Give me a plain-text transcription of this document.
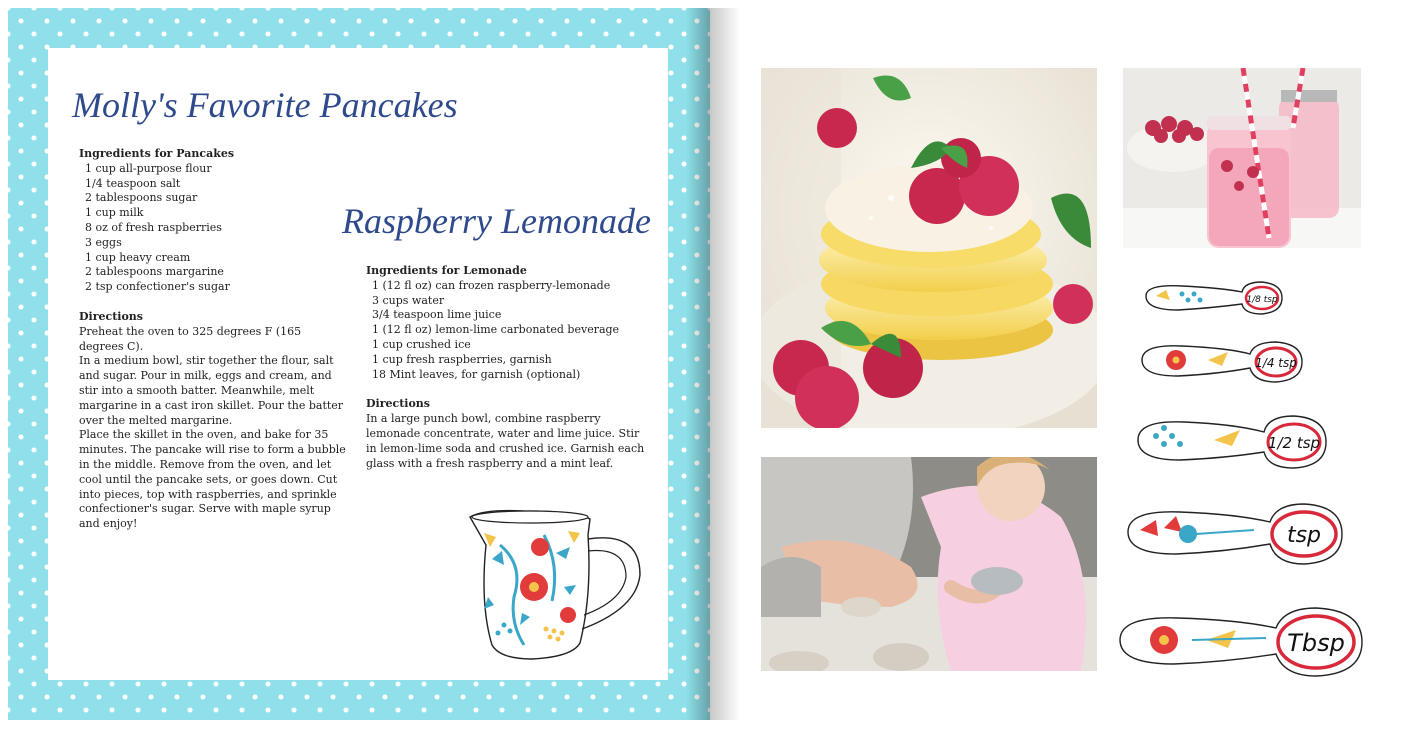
Molly's Favorite Pancakes
Raspberry Lemonade
Ingredients for Pancakes
1 cup all-purpose flour
1/4 teaspoon salt
2 tablespoons sugar
1 cup milk
8 oz of fresh raspberries
3 eggs
1 cup heavy cream
2 tablespoons margarine
2 tsp confectioner's sugar
Directions

Preheat the oven to 325 degrees F (165 degrees C).

In a medium bowl, stir together the flour, salt and sugar. Pour in milk, eggs and cream, and stir into a smooth batter. Meanwhile, melt margarine in a cast iron skillet. Pour the batter over the melted margarine.

Place the skillet in the oven, and bake for 35 minutes. The pancake will rise to form a bubble in the middle. Remove from the oven, and let cool until the pancake sets, or goes down. Cut into pieces, top with raspberries, and sprinkle confectioner's sugar. Serve with maple syrup and enjoy!

Ingredients for Lemonade
1 (12 fl oz) can frozen raspberry-lemonade
3 cups water
3/4 teaspoon lime juice
1 (12 fl oz) lemon-lime carbonated beverage
1 cup crushed ice
1 cup fresh raspberries, garnish
18 Mint leaves, for garnish (optional)
Directions

In a large punch bowl, combine raspberry lemonade concentrate, water and lime juice. Stir in lemon-lime soda and crushed ice. Garnish each glass with a fresh raspberry and a mint leaf.

1/8 tsp
1/4 tsp
1/2 tsp
tsp
Tbsp
